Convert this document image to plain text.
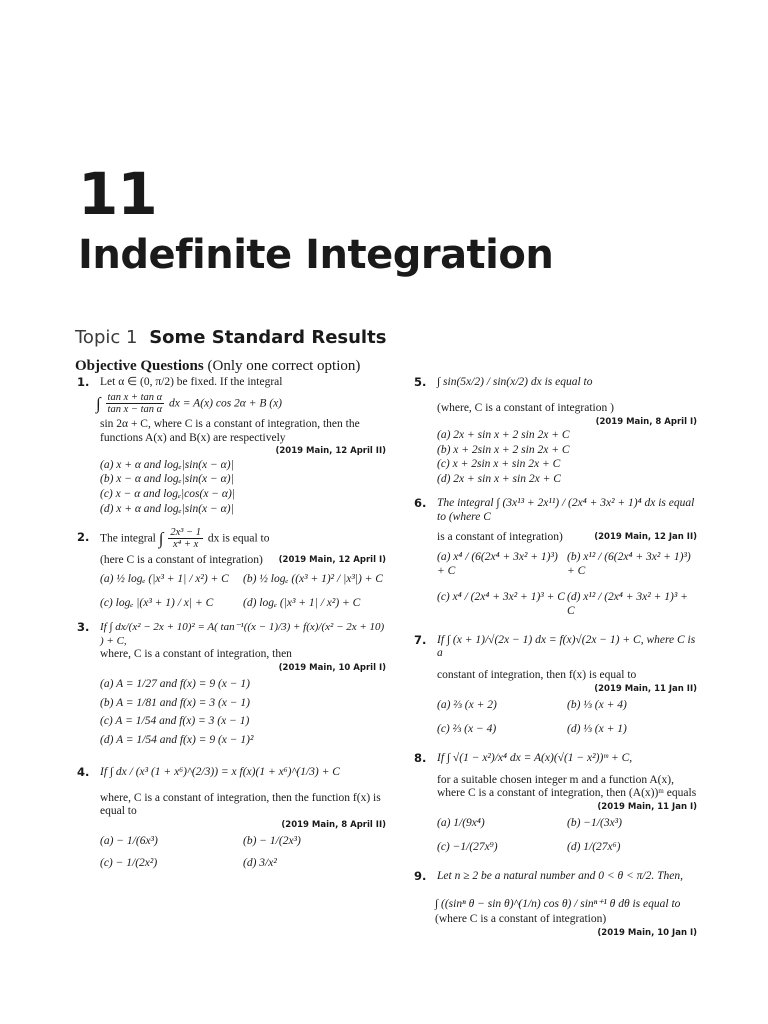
11
Indefinite Integration
Topic 1 Some Standard Results
Objective Questions (Only one correct option)
1. Let α ∈ (0, π/2) be fixed. If the integral
∫ $\frac{\text{tan x + tan α}}{\text{tan x − tan α}}$ dx = A(x) cos 2α + B (x)
sin 2α + C, where C is a constant of integration, then the functions A(x) and B(x) are respectively
(2019 Main, 12 April II)
(a) x + α and logₑ|sin(x − α)|
(b) x − α and logₑ|sin(x − α)|
(c) x − α and logₑ|cos(x − α)|
(d) x + α and logₑ|sin(x − α)|
2. The integral ∫ $\frac{\text{2x³ − 1}}{\text{x⁴ + x}}$ dx is equal to
(here C is a constant of integration)	(2019 Main, 12 April I)
(a) ½ logₑ (|x³ + 1| / x²) + C	(b) ½ logₑ ((x³ + 1)² / |x³|) + C
(c) logₑ |(x³ + 1) / x| + C	(d) logₑ (|x³ + 1| / x²) + C
3. If ∫ dx/(x² − 2x + 10)² = A( tan⁻¹((x − 1)/3) + f(x)/(x² − 2x + 10) ) + C,
where, C is a constant of integration, then
(2019 Main, 10 April I)
(a) A = 1/27 and f(x) = 9 (x − 1)
(b) A = 1/81 and f(x) = 3 (x − 1)
(c) A = 1/54 and f(x) = 3 (x − 1)
(d) A = 1/54 and f(x) = 9 (x − 1)²
4. If ∫ dx / (x³ (1 + x⁶)^(2/3)) = x f(x)(1 + x⁶)^(1/3) + C
where, C is a constant of integration, then the function f(x) is equal to
(2019 Main, 8 April II)
(a) − 1/(6x³)	(b) − 1/(2x³)
(c) − 1/(2x²)	(d) 3/x²
5. ∫ sin(5x/2) / sin(x/2) dx is equal to
(where, C is a constant of integration )
(2019 Main, 8 April I)
(a) 2x + sin x + 2 sin 2x + C
(b) x + 2sin x + 2 sin 2x + C
(c) x + 2sin x + sin 2x + C
(d) 2x + sin x + sin 2x + C
6. The integral ∫ (3x¹³ + 2x¹¹) / (2x⁴ + 3x² + 1)⁴ dx is equal to (where C
is a constant of integration)	(2019 Main, 12 Jan II)
(a) x⁴ / (6(2x⁴ + 3x² + 1)³) + C
(b) x¹² / (6(2x⁴ + 3x² + 1)³) + C
(c) x⁴ / (2x⁴ + 3x² + 1)³ + C (d) x¹² / (2x⁴ + 3x² + 1)³ + C
7. If ∫ (x + 1)/√(2x − 1) dx = f(x)√(2x − 1) + C, where C is a
constant of integration, then f(x) is equal to
(2019 Main, 11 Jan II)
(a) ⅔ (x + 2)	(b) ⅓ (x + 4)
(c) ⅔ (x − 4)	(d) ⅓ (x + 1)
8. If ∫ √(1 − x²)/x⁴ dx = A(x)(√(1 − x²))ᵐ + C,
for a suitable chosen integer m and a function A(x), where C is a constant of integration, then (A(x))ᵐ equals
(2019 Main, 11 Jan I)
(a) 1/(9x⁴)	(b) −1/(3x³)
(c) −1/(27x⁹)	(d) 1/(27x⁶)
9. Let n ≥ 2 be a natural number and 0 < θ < π/2. Then,
∫ ((sinⁿ θ − sin θ)^(1/n) cos θ) / sinⁿ⁺¹ θ dθ is equal to
(where C is a constant of integration)
(2019 Main, 10 Jan I)
